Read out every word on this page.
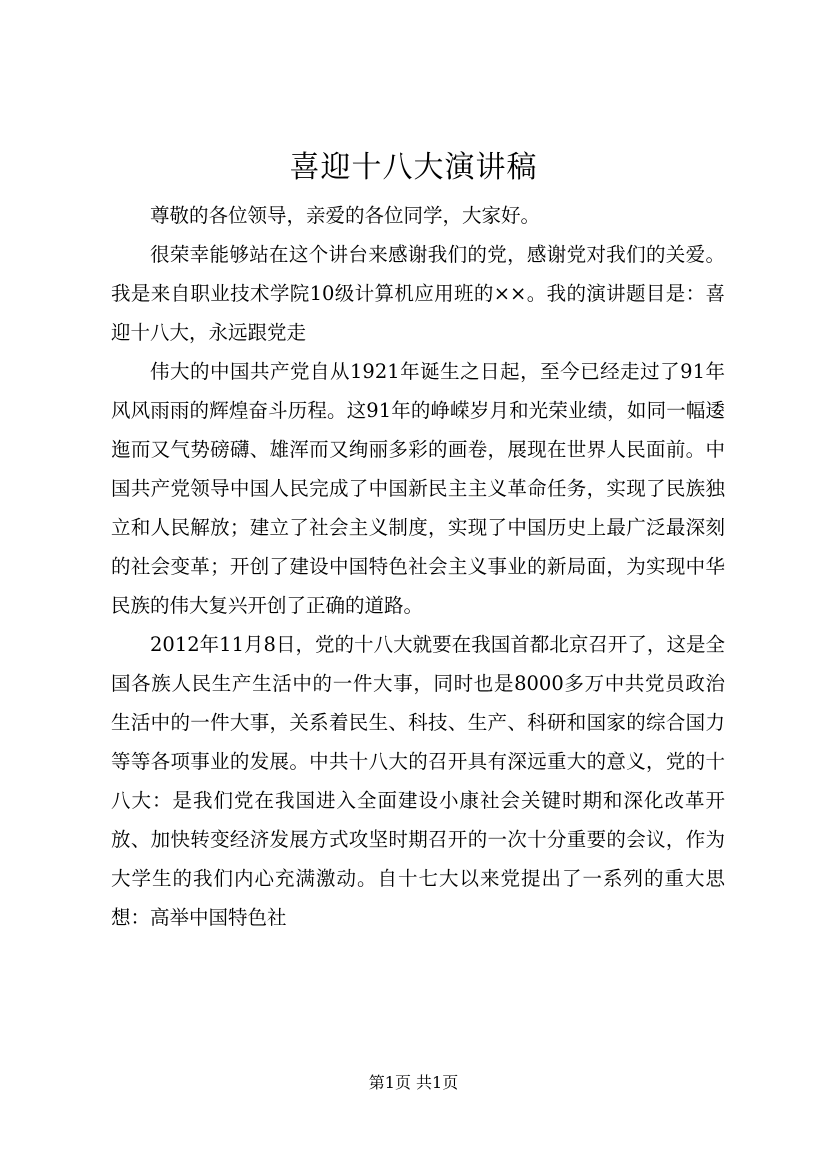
喜迎十八大演讲稿

尊敬的各位领导，亲爱的各位同学，大家好。

很荣幸能够站在这个讲台来感谢我们的党，感谢党对我们的关爱。我是来自职业技术学院10级计算机应用班的××。我的演讲题目是：喜迎十八大，永远跟党走

伟大的中国共产党自从1921年诞生之日起，至今已经走过了91年风风雨雨的辉煌奋斗历程。这91年的峥嵘岁月和光荣业绩，如同一幅逶迤而又气势磅礴、雄浑而又绚丽多彩的画卷，展现在世界人民面前。中国共产党领导中国人民完成了中国新民主主义革命任务，实现了民族独立和人民解放；建立了社会主义制度，实现了中国历史上最广泛最深刻的社会变革；开创了建设中国特色社会主义事业的新局面，为实现中华民族的伟大复兴开创了正确的道路。

2012年11月8日，党的十八大就要在我国首都北京召开了，这是全国各族人民生产生活中的一件大事，同时也是8000多万中共党员政治生活中的一件大事，关系着民生、科技、生产、科研和国家的综合国力等等各项事业的发展。中共十八大的召开具有深远重大的意义，党的十八大：是我们党在我国进入全面建设小康社会关键时期和深化改革开放、加快转变经济发展方式攻坚时期召开的一次十分重要的会议，作为大学生的我们内心充满激动。自十七大以来党提出了一系列的重大思想：高举中国特色社

第1页 共1页
